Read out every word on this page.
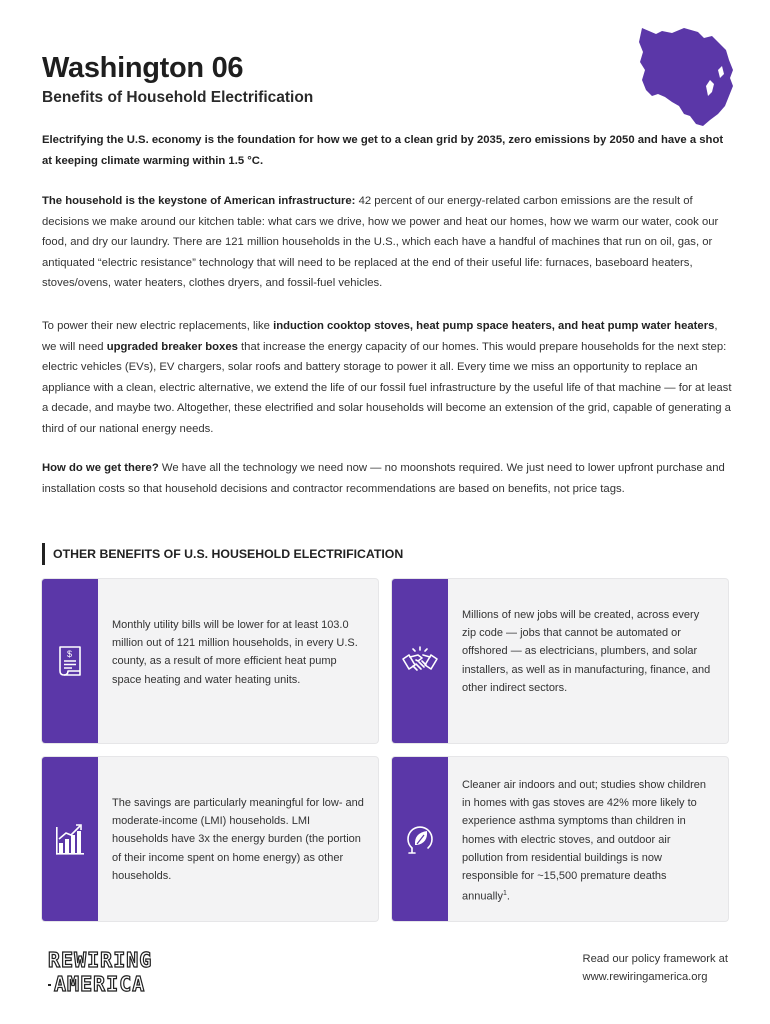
Washington 06
Benefits of Household Electrification

Electrifying the U.S. economy is the foundation for how we get to a clean grid by 2035, zero emissions by 2050 and have a shot at keeping climate warming within 1.5 °C.

The household is the keystone of American infrastructure: 42 percent of our energy-related carbon emissions are the result of decisions we make around our kitchen table: what cars we drive, how we power and heat our homes, how we warm our water, cook our food, and dry our laundry. There are 121 million households in the U.S., which each have a handful of machines that run on oil, gas, or antiquated “electric resistance” technology that will need to be replaced at the end of their useful life: furnaces, baseboard heaters, stoves/ovens, water heaters, clothes dryers, and fossil-fuel vehicles.

To power their new electric replacements, like induction cooktop stoves, heat pump space heaters, and heat pump water heaters, we will need upgraded breaker boxes that increase the energy capacity of our homes. This would prepare households for the next step: electric vehicles (EVs), EV chargers, solar roofs and battery storage to power it all. Every time we miss an opportunity to replace an appliance with a clean, electric alternative, we extend the life of our fossil fuel infrastructure by the useful life of that machine — for at least a decade, and maybe two. Altogether, these electrified and solar households will become an extension of the grid, capable of generating a third of our national energy needs.

How do we get there? We have all the technology we need now — no moonshots required. We just need to lower upfront purchase and installation costs so that household decisions and contractor recommendations are based on benefits, not price tags.

OTHER BENEFITS OF U.S. HOUSEHOLD ELECTRIFICATION
$

Monthly utility bills will be lower for at least 103.0 million out of 121 million households, in every U.S. county, as a result of more efficient heat pump space heating and water heating units.

Millions of new jobs will be created, across every zip code — jobs that cannot be automated or offshored — as electricians, plumbers, and solar installers, as well as in manufacturing, finance, and other indirect sectors.

The savings are particularly meaningful for low- and moderate-income (LMI) households. LMI households have 3x the energy burden (the portion of their income spent on home energy) as other households.

Cleaner air indoors and out; studies show children in homes with gas stoves are 42% more likely to experience asthma symptoms than children in homes with electric stoves, and outdoor air pollution from residential buildings is now responsible for ~15,500 premature deaths annually$^1$.

REWIRING
AMERICA
Read our policy framework at
www.rewiringamerica.org
